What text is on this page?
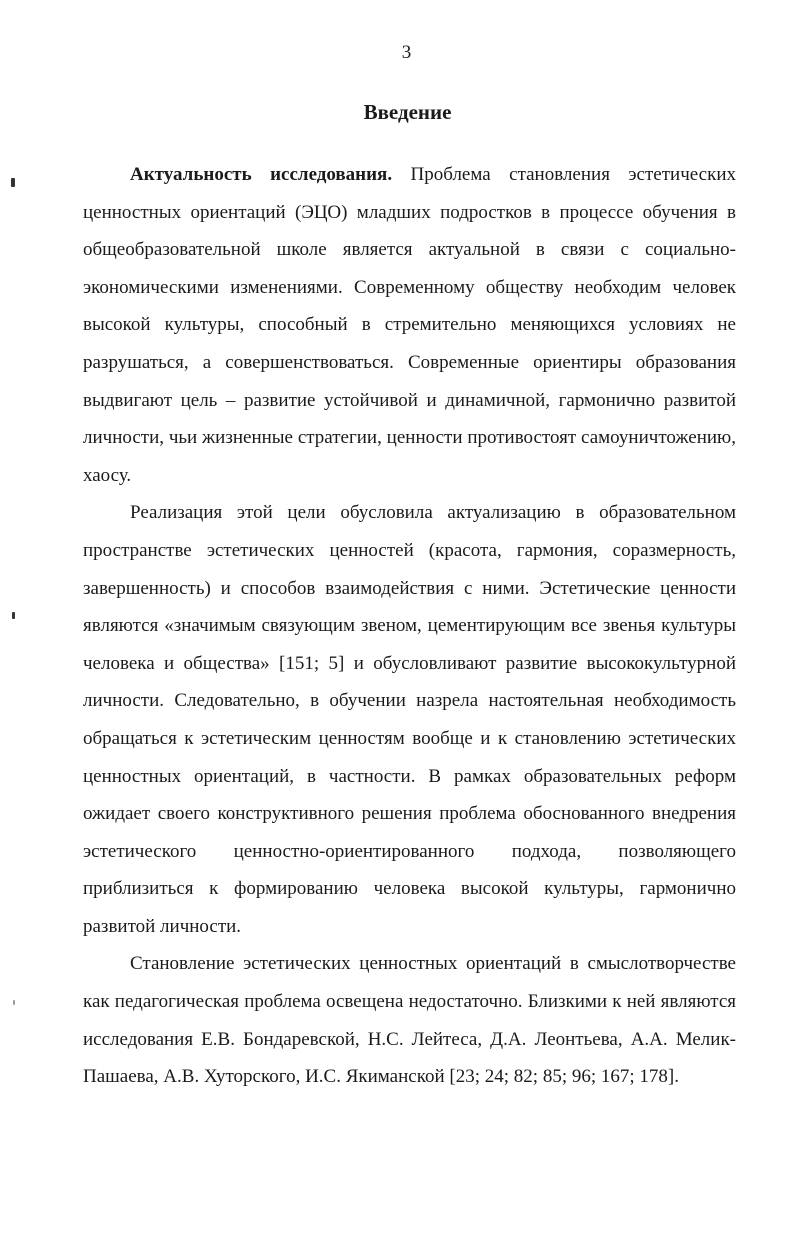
3
Введение

Актуальность исследования. Проблема становления эстетических ценностных ориентаций (ЭЦО) младших подростков в процессе обучения в общеобразовательной школе является актуальной в связи с социально-экономическими изменениями. Современному обществу необходим человек высокой культуры, способный в стремительно меняющихся условиях не разрушаться, а совершенствоваться. Современные ориентиры образования выдвигают цель – развитие устойчивой и динамичной, гармонично развитой личности, чьи жизненные стратегии, ценности противостоят самоуничтожению, хаосу.

Реализация этой цели обусловила актуализацию в образовательном пространстве эстетических ценностей (красота, гармония, соразмерность, завершенность) и способов взаимодействия с ними. Эстетические ценности являются «значимым связующим звеном, цементирующим все звенья культуры человека и общества» [151; 5] и обусловливают развитие высококультурной личности. Следовательно, в обучении назрела настоятельная необходимость обращаться к эстетическим ценностям вообще и к становлению эстетических ценностных ориентаций, в частности. В рамках образовательных реформ ожидает своего конструктивного решения проблема обоснованного внедрения эстетического ценностно-ориентированного подхода, позволяющего приблизиться к формированию человека высокой культуры, гармонично развитой личности.

Становление эстетических ценностных ориентаций в смыслотворчестве как педагогическая проблема освещена недостаточно. Близкими к ней являются исследования Е.В. Бондаревской, Н.С. Лейтеса, Д.А. Леонтьева, А.А. Мелик-Пашаева, А.В. Хуторского, И.С. Якиманской [23; 24; 82; 85; 96; 167; 178].
